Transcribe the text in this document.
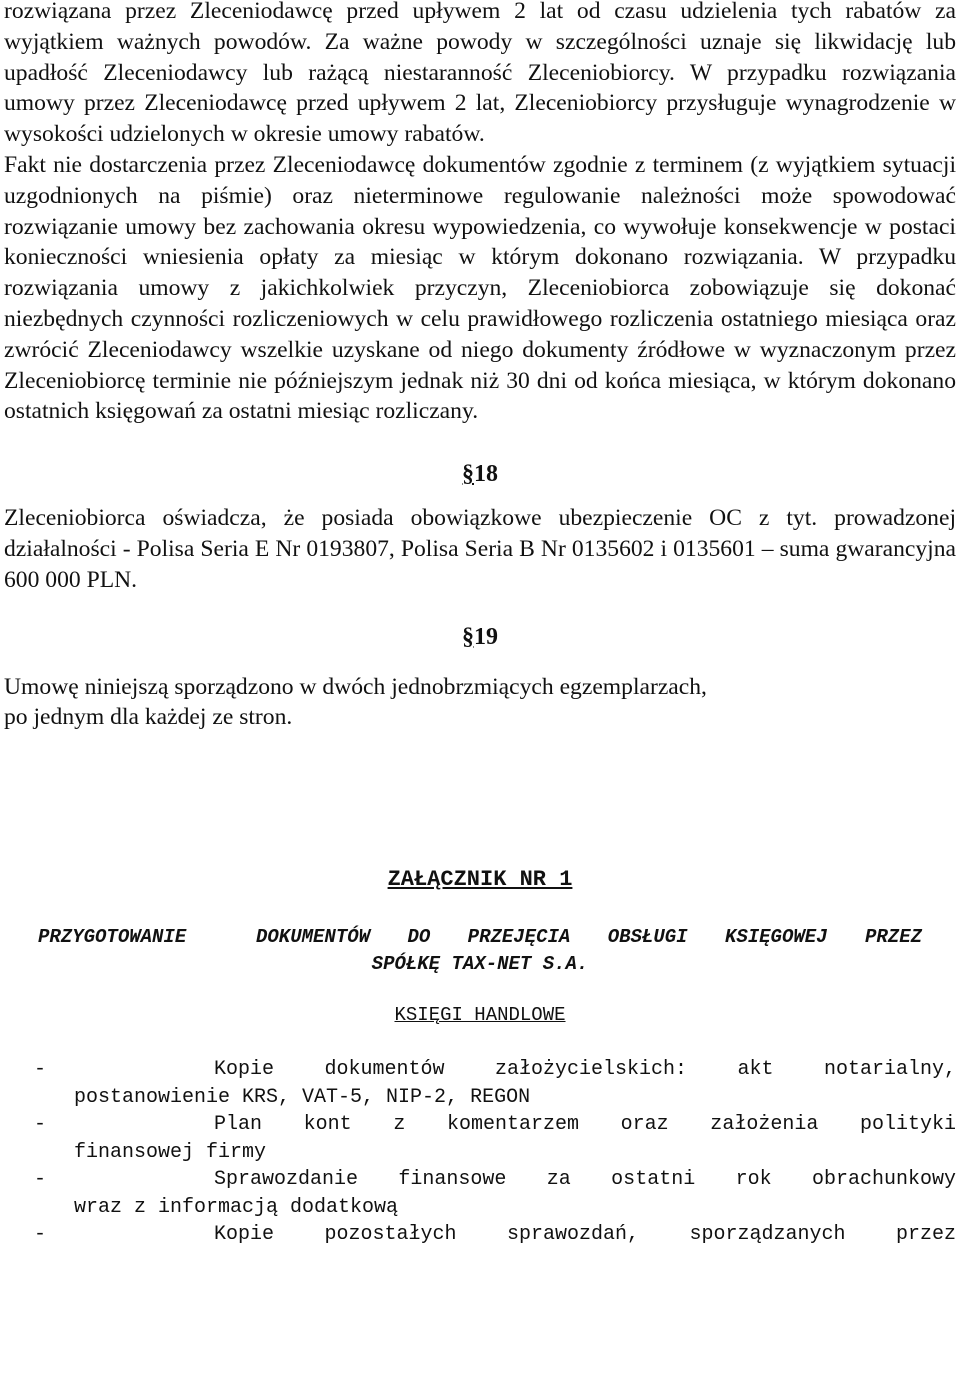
rozwiązana przez Zleceniodawcę przed upływem 2 lat od czasu udzielenia tych rabatów za wyjątkiem ważnych powodów. Za ważne powody w szczególności uznaje się likwidację lub upadłość Zleceniodawcy lub rażącą niestaranność Zleceniobiorcy. W przypadku rozwiązania umowy przez Zleceniodawcę przed upływem 2 lat, Zleceniobiorcy przysługuje wynagrodzenie w wysokości udzielonych w okresie umowy rabatów.

Fakt nie dostarczenia przez Zleceniodawcę dokumentów zgodnie z terminem (z wyjątkiem sytuacji uzgodnionych na piśmie) oraz nieterminowe regulowanie należności może spowodować rozwiązanie umowy bez zachowania okresu wypowiedzenia, co wywołuje konsekwencje w postaci konieczności wniesienia opłaty za miesiąc w którym dokonano rozwiązania. W przypadku rozwiązania umowy z jakichkolwiek przyczyn, Zleceniobiorca zobowiązuje się dokonać niezbędnych czynności rozliczeniowych w celu prawidłowego rozliczenia ostatniego miesiąca oraz zwrócić Zleceniodawcy wszelkie uzyskane od niego dokumenty źródłowe w wyznaczonym przez Zleceniobiorcę terminie nie późniejszym jednak niż 30 dni od końca miesiąca, w którym dokonano ostatnich księgowań za ostatni miesiąc rozliczany.

§18

Zleceniobiorca oświadcza, że posiada obowiązkowe ubezpieczenie OC z tyt. prowadzonej działalności - Polisa Seria E Nr 0193807, Polisa Seria B Nr 0135602 i 0135601 – suma gwarancyjna 600 000 PLN.

§19

Umowę niniejszą sporządzono w dwóch jednobrzmiących egzemplarzach,
po jednym dla każdej ze stron.

ZAŁĄCZNIK NR 1

PRZYGOTOWANIE	DOKUMENTÓW DO PRZEJĘCIA OBSŁUGI KSIĘGOWEJ PRZEZ
SPÓŁKĘ TAX-NET S.A.

KSIĘGI HANDLOWE

-	Kopie dokumentów założycielskich: akt notarialny,
postanowienie KRS, VAT-5, NIP-2, REGON
-	Plan kont z komentarzem oraz założenia polityki
finansowej firmy
-	Sprawozdanie finansowe za ostatni rok obrachunkowy
wraz z informacją dodatkową
-	Kopie pozostałych sprawozdań, sporządzanych przez
